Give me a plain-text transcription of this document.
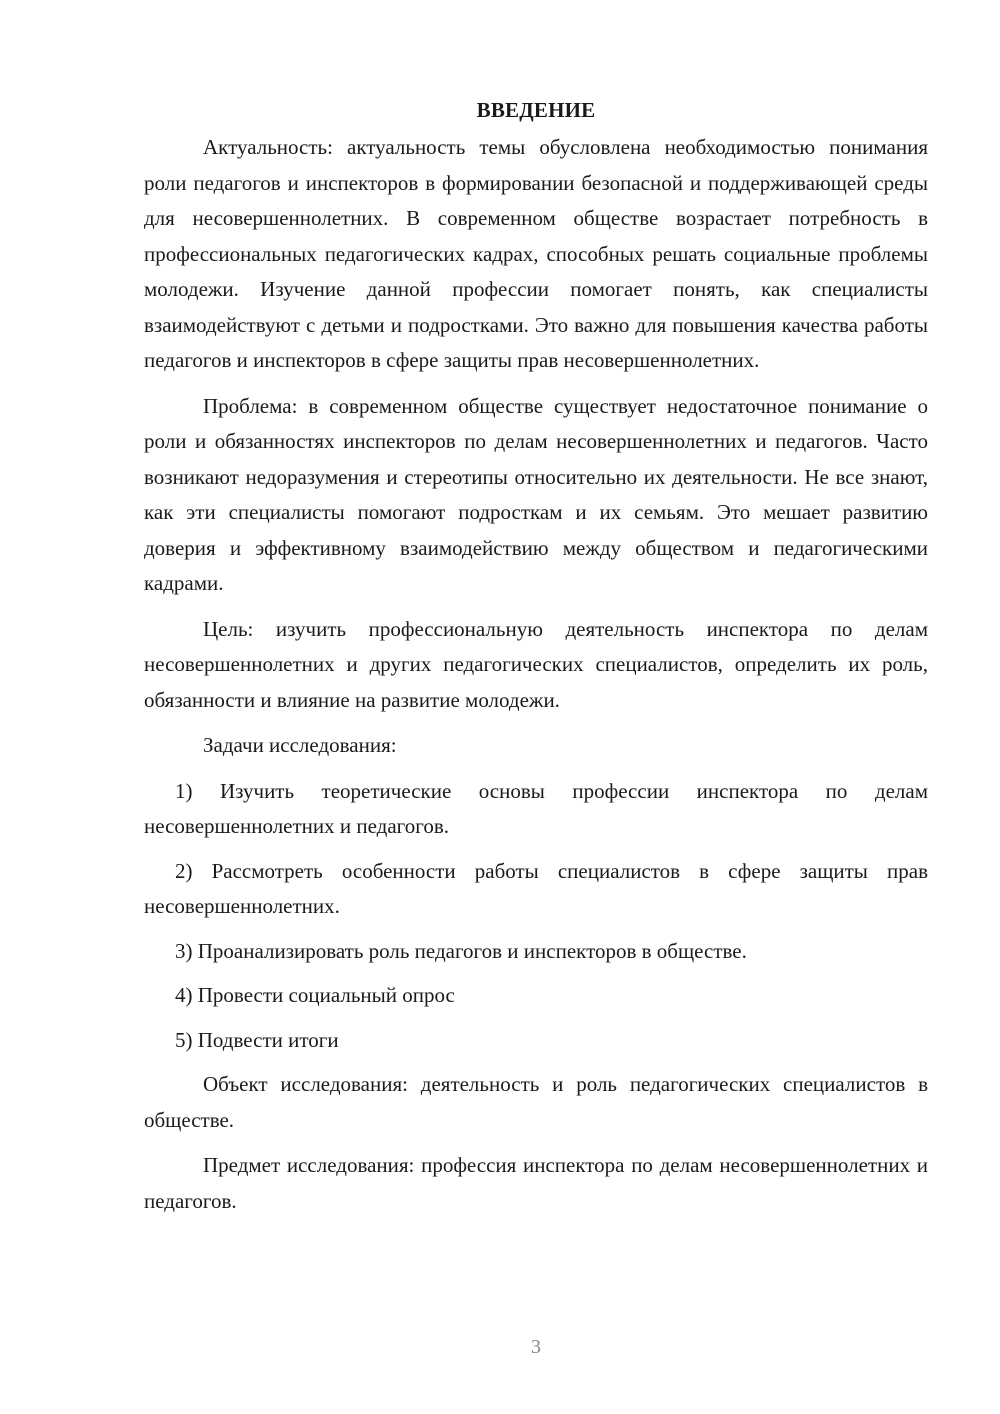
ВВЕДЕНИЕ

Актуальность: актуальность темы обусловлена необходимостью понимания роли педагогов и инспекторов в формировании безопасной и поддерживающей среды для несовершеннолетних. В современном обществе возрастает потребность в профессиональных педагогических кадрах, способных решать социальные проблемы молодежи. Изучение данной профессии помогает понять, как специалисты взаимодействуют с детьми и подростками. Это важно для повышения качества работы педагогов и инспекторов в сфере защиты прав несовершеннолетних.

Проблема: в современном обществе существует недостаточное понимание о роли и обязанностях инспекторов по делам несовершеннолетних и педагогов. Часто возникают недоразумения и стереотипы относительно их деятельности. Не все знают, как эти специалисты помогают подросткам и их семьям. Это мешает развитию доверия и эффективному взаимодействию между обществом и педагогическими кадрами.

Цель: изучить профессиональную деятельность инспектора по делам несовершеннолетних и других педагогических специалистов, определить их роль, обязанности и влияние на развитие молодежи.

Задачи исследования:

1) Изучить теоретические основы профессии инспектора по делам несовершеннолетних и педагогов.

2) Рассмотреть особенности работы специалистов в сфере защиты прав несовершеннолетних.

3) Проанализировать роль педагогов и инспекторов в обществе.

4) Провести социальный опрос

5) Подвести итоги

Объект исследования: деятельность и роль педагогических специалистов в обществе.

Предмет исследования: профессия инспектора по делам несовершеннолетних и педагогов.

3
